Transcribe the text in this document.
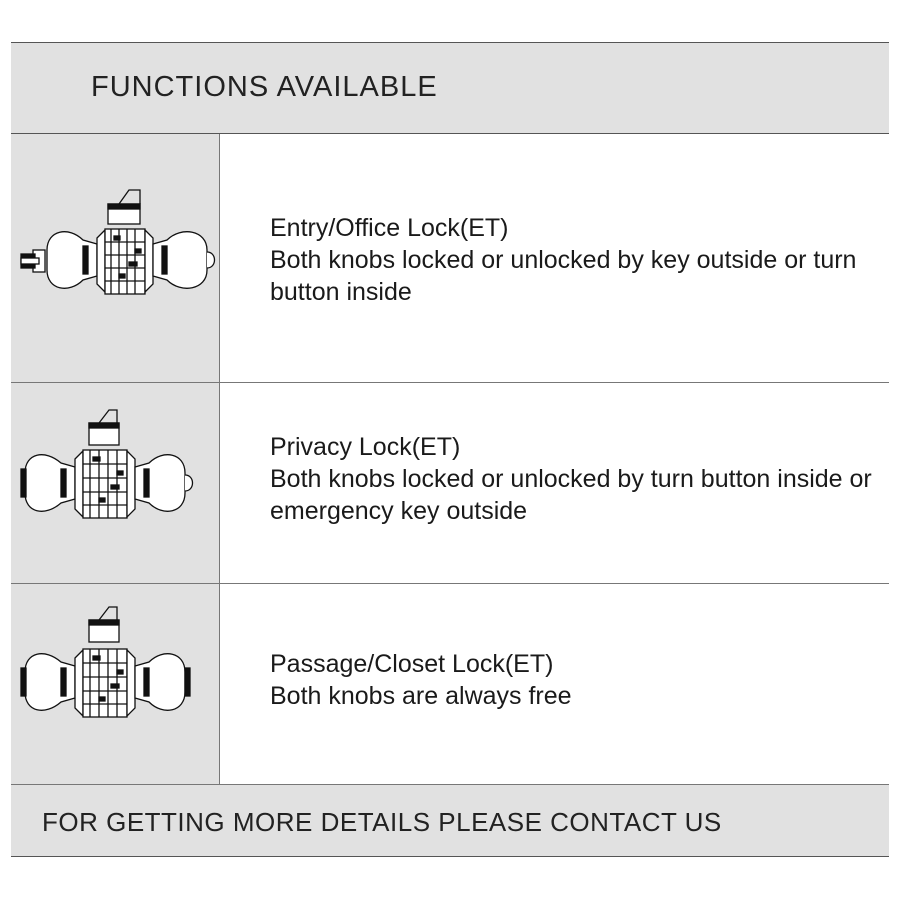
FUNCTIONS AVAILABLE
Entry/Office Lock(ET)
Both knobs locked or unlocked by key outside or turn button inside
Privacy Lock(ET)
Both knobs locked or unlocked by turn button inside or emergency key outside
Passage/Closet Lock(ET)
Both knobs are always free
FOR GETTING MORE DETAILS PLEASE CONTACT US
